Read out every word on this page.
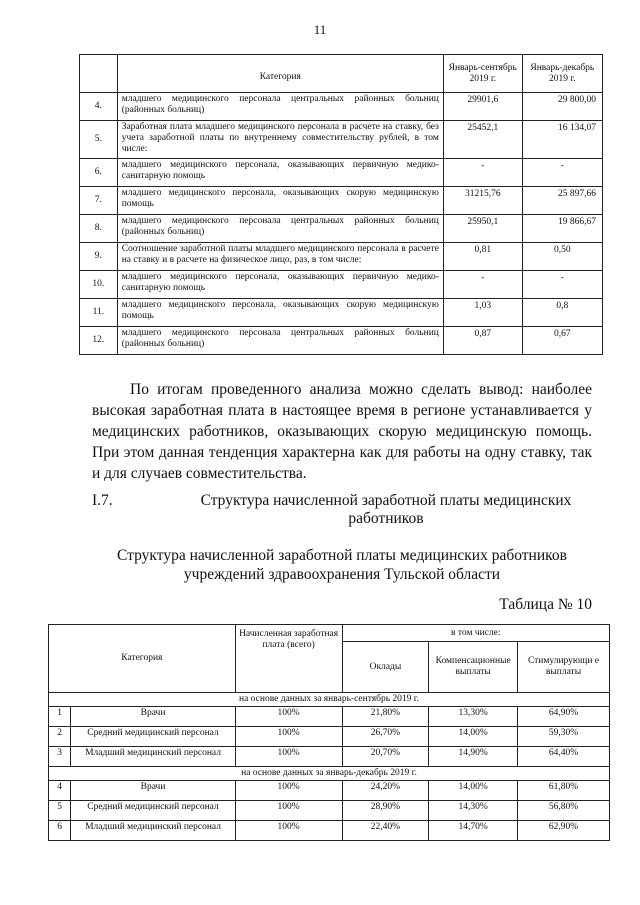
11
	Категория	Январь-сентябрь 2019 г.	Январь-декабрь 2019 г.
4.	младшего медицинского персонала центральных районных больниц (районных больниц)	29901,6	29 800,00
5.	Заработная плата младшего медицинского персонала в расчете на ставку, без учета заработной платы по внутреннему совместительству рублей, в том числе:	25452,1	16 134,07
6.	младшего медицинского персонала, оказывающих первичную медико-санитарную помощь	-	-
7.	младшего медицинского персонала, оказывающих скорую медицинскую помощь	31215,76	25 897,66
8.	младшего медицинского персонала центральных районных больниц (районных больниц)	25950,1	19 866,67
9.	Соотношение заработной платы младшего медицинского персонала в расчете на ставку и в расчете на физическое лицо, раз, в том числе:	0,81	0,50
10.	младшего медицинского персонала, оказывающих первичную медико-санитарную помощь	-	-
11.	младшего медицинского персонала, оказывающих скорую медицинскую помощь	1,03	0,8
12.	младшего медицинского персонала центральных районных больниц (районных больниц)	0,87	0,67
По итогам проведенного анализа можно сделать вывод: наиболее высокая заработная плата в настоящее время в регионе устанавливается у медицинских работников, оказывающих скорую медицинскую помощь. При этом данная тенденция характерна как для работы на одну ставку, так и для случаев совместительства.
I.7.	Структура начисленной заработной платы медицинских работников
Структура начисленной заработной платы медицинских работников учреждений здравоохранения Тульской области
Таблица № 10
Категория		Начисленная заработная плата (всего)	в том числе:		
			Оклады	Компенсационные выплаты	Стимулирующи е выплаты
на основе данных за январь-сентябрь 2019 г.					
1	Врачи	100%	21,80%	13,30%	64,90%
2	Средний медицинский персонал	100%	26,70%	14,00%	59,30%
3	Младший медицинский персонал	100%	20,70%	14,90%	64,40%
на основе данных за январь-декабрь 2019 г.					
4	Врачи	100%	24,20%	14,00%	61,80%
5	Средний медицинский персонал	100%	28,90%	14,30%	56,80%
6	Младший медицинский персонал	100%	22,40%	14,70%	62,90%
